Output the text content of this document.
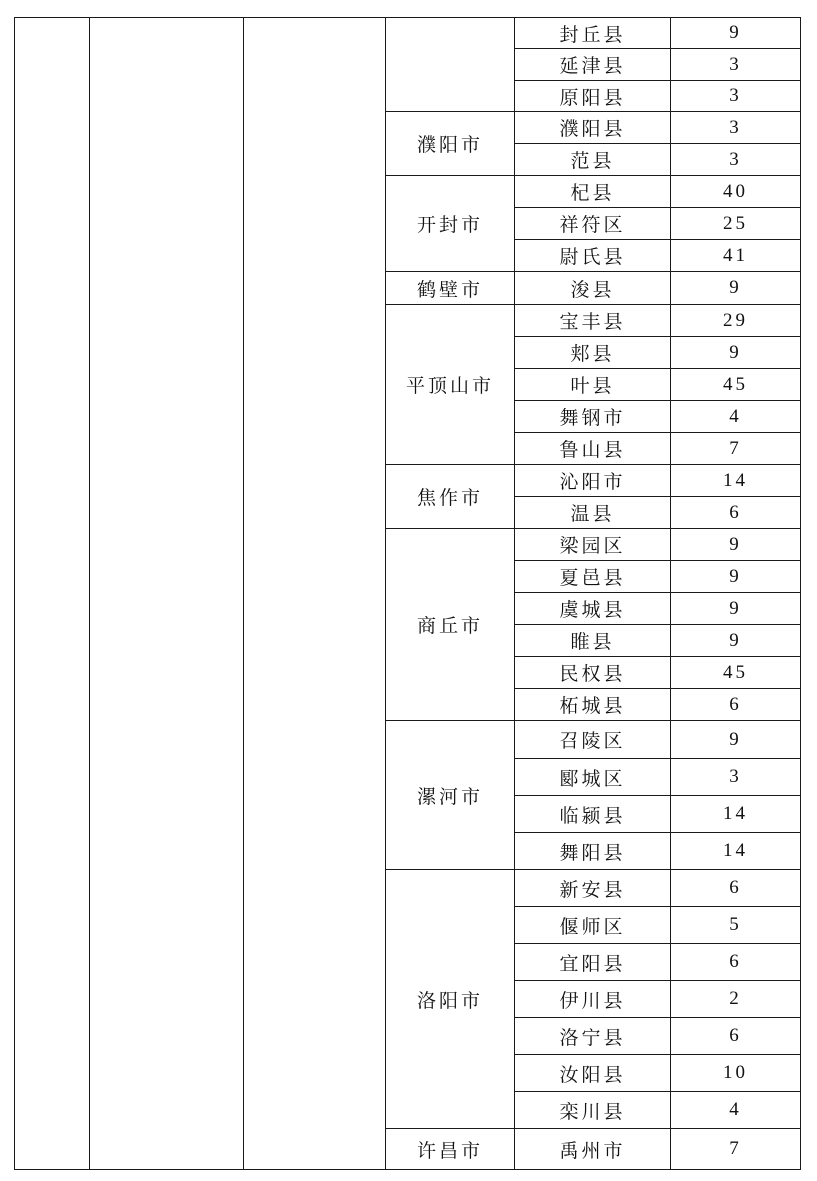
				封丘县	9
				延津县	3
				原阳县	3
			濮阳市	濮阳县	3
				范县	3
			开封市	杞县	40
				祥符区	25
				尉氏县	41
			鹤壁市	浚县	9
			平顶山市	宝丰县	29
				郏县	9
				叶县	45
				舞钢市	4
				鲁山县	7
			焦作市	沁阳市	14
				温县	6
			商丘市	梁园区	9
				夏邑县	9
				虞城县	9
				睢县	9
				民权县	45
				柘城县	6
			漯河市	召陵区	9
				郾城区	3
				临颍县	14
				舞阳县	14
			洛阳市	新安县	6
				偃师区	5
				宜阳县	6
				伊川县	2
				洛宁县	6
				汝阳县	10
				栾川县	4
			许昌市	禹州市	7
